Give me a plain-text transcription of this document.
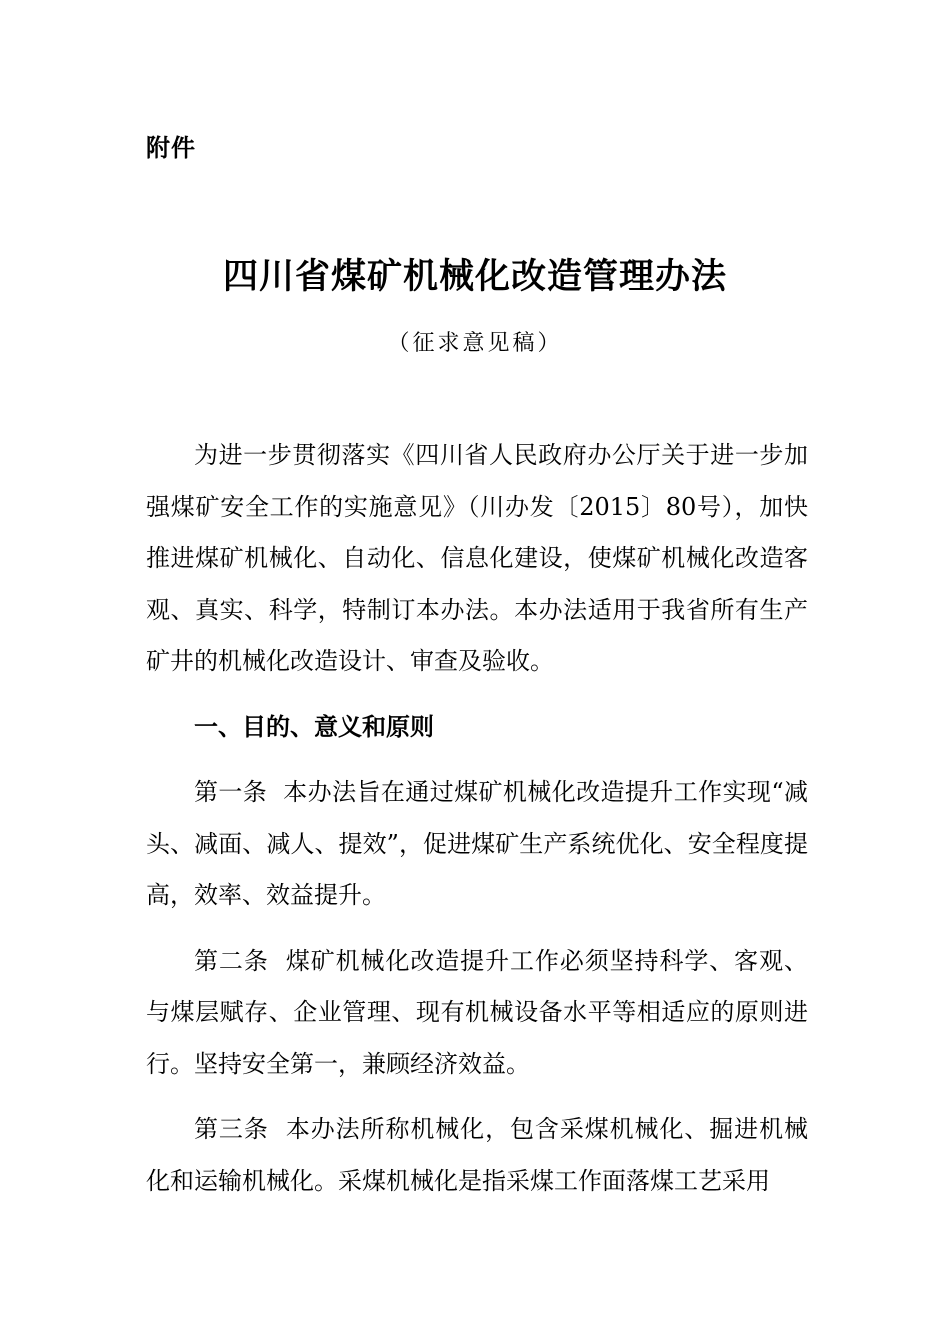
附件
四川省煤矿机械化改造管理办法
（征求意见稿）

为进一步贯彻落实《四川省人民政府办公厅关于进一步加强煤矿安全工作的实施意见》（川办发〔2015〕80号），加快推进煤矿机械化、自动化、信息化建设，使煤矿机械化改造客观、真实、科学，特制订本办法。本办法适用于我省所有生产矿井的机械化改造设计、审查及验收。

一、目的、意义和原则

第一条 本办法旨在通过煤矿机械化改造提升工作实现“减头、减面、减人、提效”，促进煤矿生产系统优化、安全程度提高，效率、效益提升。

第二条 煤矿机械化改造提升工作必须坚持科学、客观、与煤层赋存、企业管理、现有机械设备水平等相适应的原则进行。坚持安全第一，兼顾经济效益。

第三条 本办法所称机械化，包含采煤机械化、掘进机械化和运输机械化。采煤机械化是指采煤工作面落煤工艺采用
